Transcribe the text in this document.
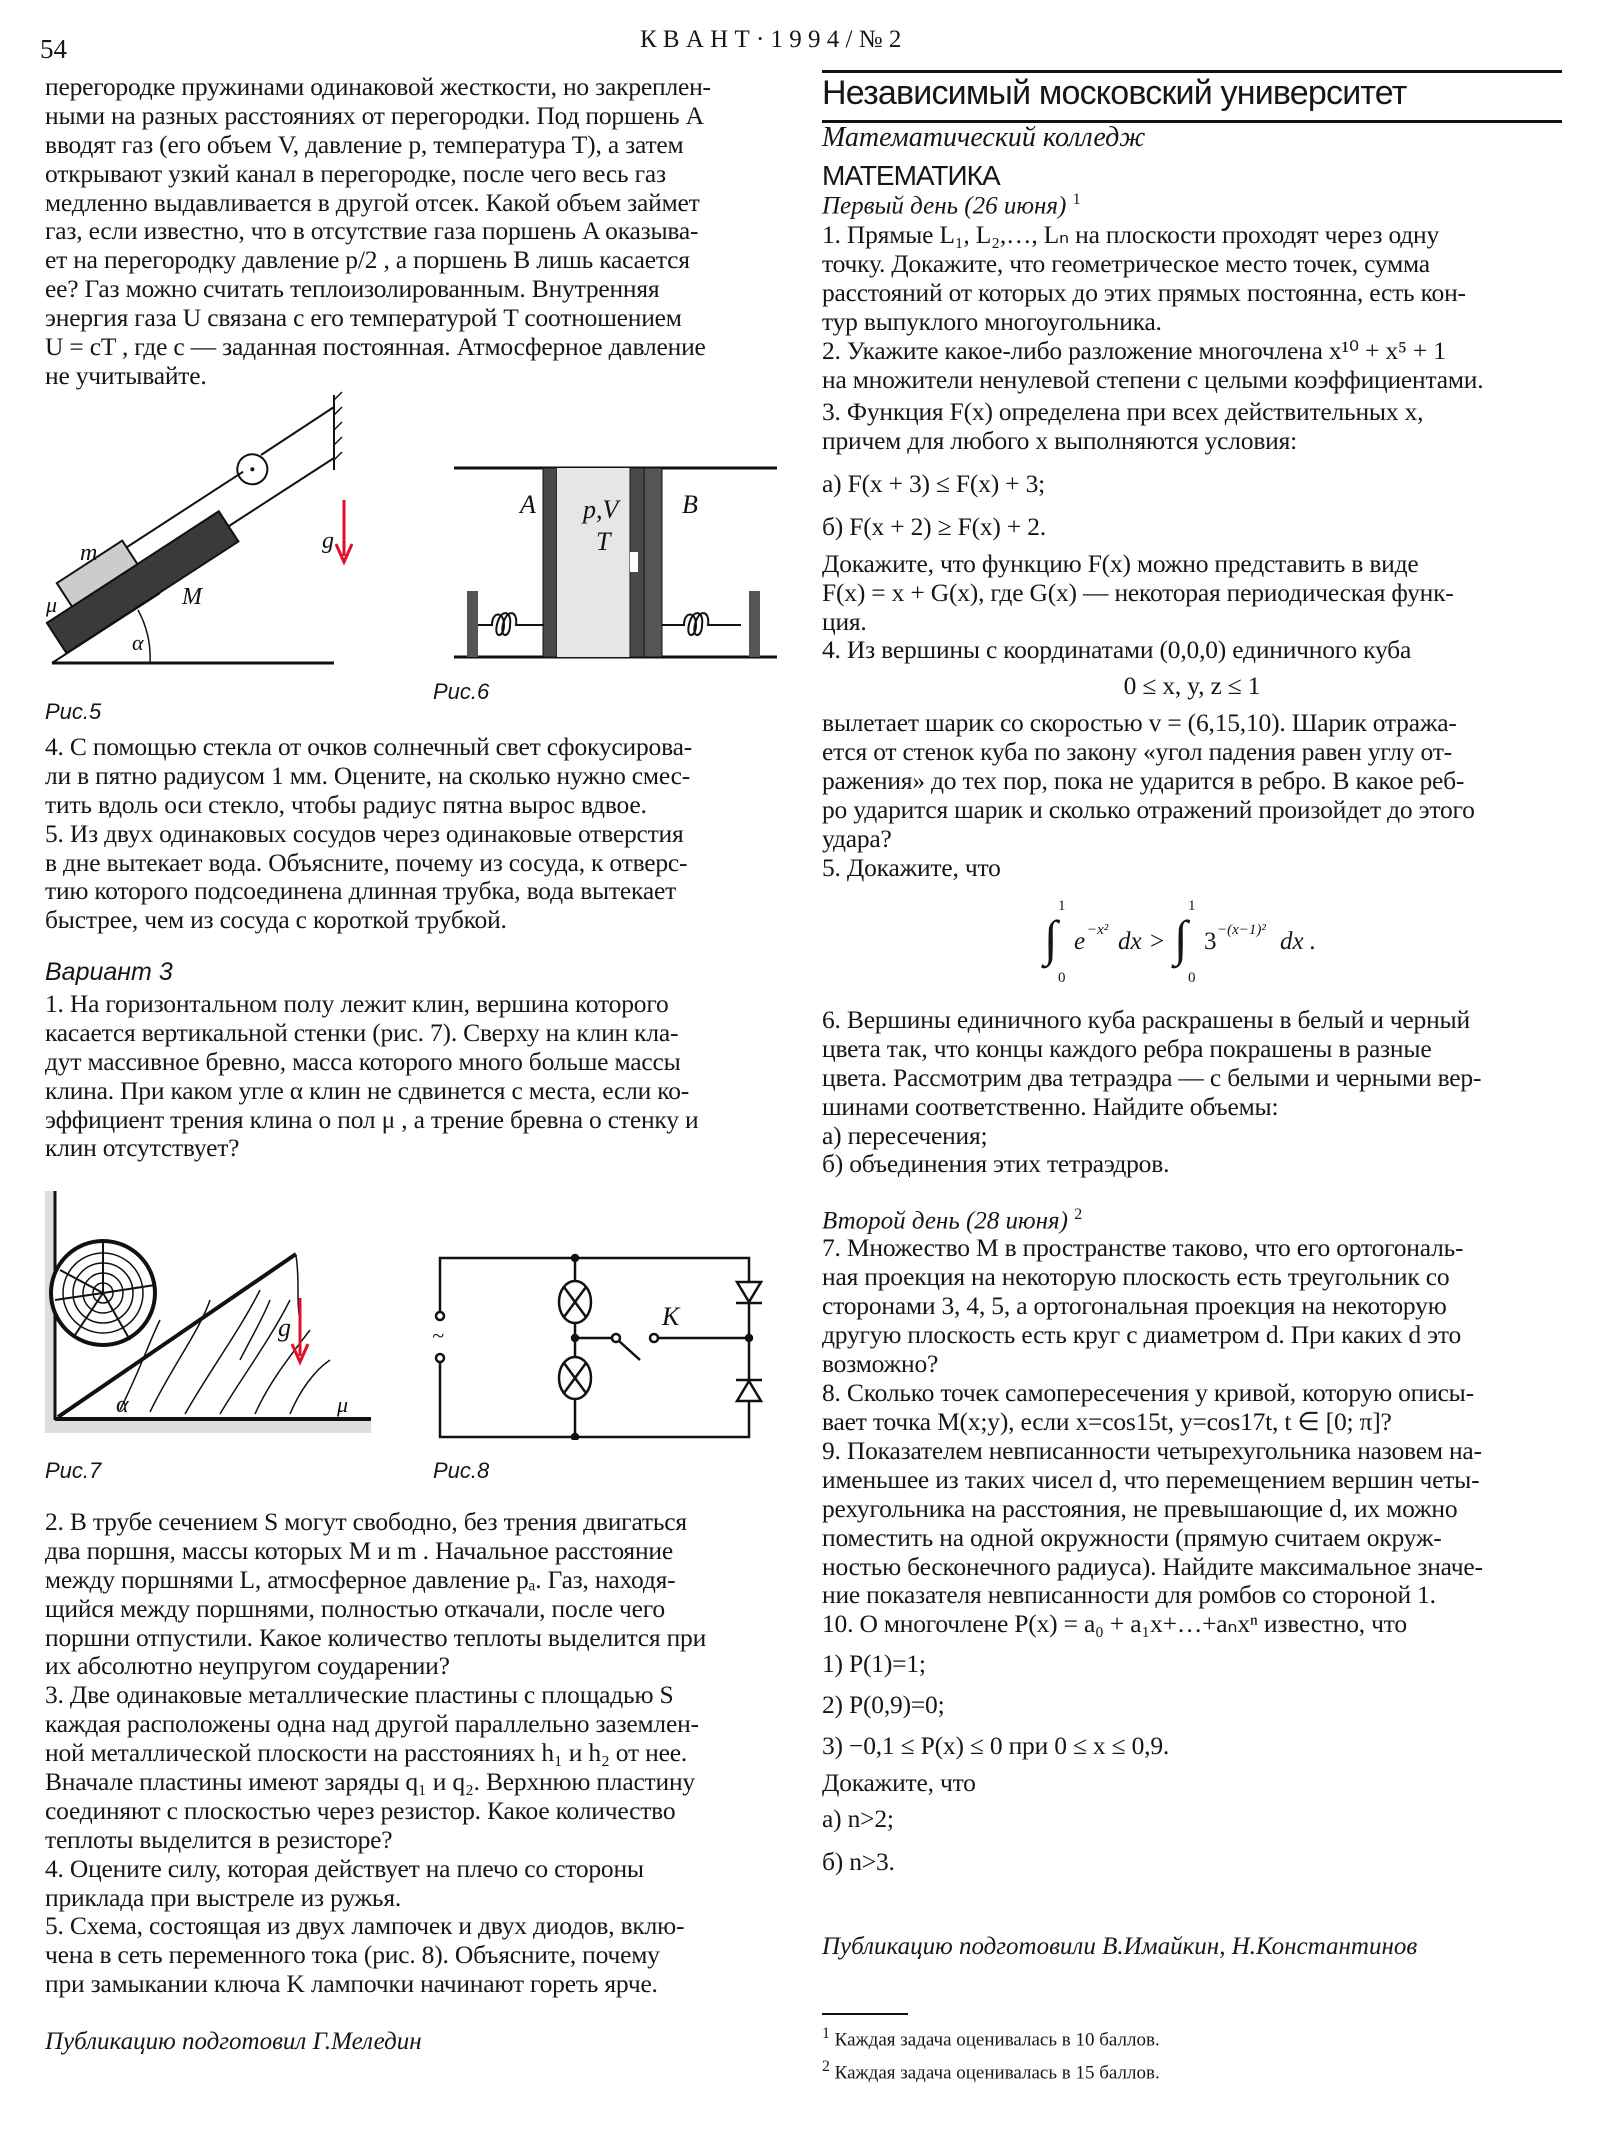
54	К В А Н Т · 1 9 9 4 / № 2
перегородке пружинами одинаковой жесткости, но закреплен-
ными на разных расстояниях от перегородки. Под поршень A
вводят газ (его объем V, давление p, температура T), а затем
открывают узкий канал в перегородке, после чего весь газ
медленно выдавливается в другой отсек. Какой объем займет
газ, если известно, что в отсутствие газа поршень A оказыва-
ет на перегородку давление p/2 , а поршень B лишь касается
ее? Газ можно считать теплоизолированным. Внутренняя
энергия газа U связана с его температурой T соотношением
U = cT , где c — заданная постоянная. Атмосферное давление
не учитывайте.
m
M
μ
α
g
A p,V
T
B
Рис.6
Рис.5
4. С помощью стекла от очков солнечный свет сфокусирова-
ли в пятно радиусом 1 мм. Оцените, на сколько нужно смес-
тить вдоль оси стекло, чтобы радиус пятна вырос вдвое.
5. Из двух одинаковых сосудов через одинаковые отверстия
в дне вытекает вода. Объясните, почему из сосуда, к отверс-
тию которого подсоединена длинная трубка, вода вытекает
быстрее, чем из сосуда с короткой трубкой.
Вариант 3
1. На горизонтальном полу лежит клин, вершина которого
касается вертикальной стенки (рис. 7). Сверху на клин кла-
дут массивное бревно, масса которого много больше массы
клина. При каком угле α клин не сдвинется с места, если ко-
эффициент трения клина о пол μ , а трение бревна о стенку и
клин отсутствует?
g
α	μ
K
~
Рис.7	Рис.8
2. В трубе сечением S могут свободно, без трения двигаться
два поршня, массы которых M и m . Начальное расстояние
между поршнями L, атмосферное давление pₐ. Газ, находя-
щийся между поршнями, полностью откачали, после чего
поршни отпустили. Какое количество теплоты выделится при
их абсолютно неупругом соударении?
3. Две одинаковые металлические пластины с площадью S
каждая расположены одна над другой параллельно заземлен-
ной металлической плоскости на расстояниях h₁ и h₂ от нее.
Вначале пластины имеют заряды q₁ и q₂. Верхнюю пластину
соединяют с плоскостью через резистор. Какое количество
теплоты выделится в резисторе?
4. Оцените силу, которая действует на плечо со стороны
приклада при выстреле из ружья.
5. Схема, состоящая из двух лампочек и двух диодов, вклю-
чена в сеть переменного тока (рис. 8). Объясните, почему
при замыкании ключа K лампочки начинают гореть ярче.
Публикацию подготовил Г.Меледин
Независимый московский университет
Математический колледж
МАТЕМАТИКА
Первый день (26 июня) $^1$
1. Прямые L₁, L₂,…, Lₙ на плоскости проходят через одну
точку. Докажите, что геометрическое место точек, сумма
расстояний от которых до этих прямых постоянна, есть кон-
тур выпуклого многоугольника.
2. Укажите какое-либо разложение многочлена x¹⁰ + x⁵ + 1
на множители ненулевой степени с целыми коэффициентами.
3. Функция F(x) определена при всех действительных x,
причем для любого x выполняются условия:
а) F(x + 3) ≤ F(x) + 3;
б) F(x + 2) ≥ F(x) + 2.
Докажите, что функцию F(x) можно представить в виде
F(x) = x + G(x), где G(x) — некоторая периодическая функ-
ция.
4. Из вершины с координатами (0,0,0) единичного куба
0 ≤ x, y, z ≤ 1
вылетает шарик со скоростью v = (6,15,10). Шарик отража-
ется от стенок куба по закону «угол падения равен углу от-
ражения» до тех пор, пока не ударится в ребро. В какое реб-
ро ударится шарик и сколько отражений произойдет до этого
удара?
5. Докажите, что
1
∫
0
e −x² dx >
1
∫
0
3 −(x−1)² dx .
6. Вершины единичного куба раскрашены в белый и черный
цвета так, что концы каждого ребра покрашены в разные
цвета. Рассмотрим два тетраэдра — с белыми и черными вер-
шинами соответственно. Найдите объемы:
а) пересечения;
б) объединения этих тетраэдров.
Второй день (28 июня) $^2$
7. Множество M в пространстве таково, что его ортогональ-
ная проекция на некоторую плоскость есть треугольник со
сторонами 3, 4, 5, а ортогональная проекция на некоторую
другую плоскость есть круг с диаметром d. При каких d это
возможно?
8. Сколько точек самопересечения у кривой, которую описы-
вает точка M(x;y), если x=cos15t, y=cos17t, t ∈ [0; π]?
9. Показателем невписанности четырехугольника назовем на-
именьшее из таких чисел d, что перемещением вершин четы-
рехугольника на расстояния, не превышающие d, их можно
поместить на одной окружности (прямую считаем окруж-
ностью бесконечного радиуса). Найдите максимальное значе-
ние показателя невписанности для ромбов со стороной 1.
10. О многочлене P(x) = a₀ + a₁x+…+aₙxⁿ известно, что
1) P(1)=1;
2) P(0,9)=0;
3) −0,1 ≤ P(x) ≤ 0 при 0 ≤ x ≤ 0,9.
Докажите, что
а) n>2;
б) n>3.
Публикацию подготовили В.Имайкин, Н.Константинов
$^1$ Каждая задача оценивалась в 10 баллов.
$^2$ Каждая задача оценивалась в 15 баллов.
